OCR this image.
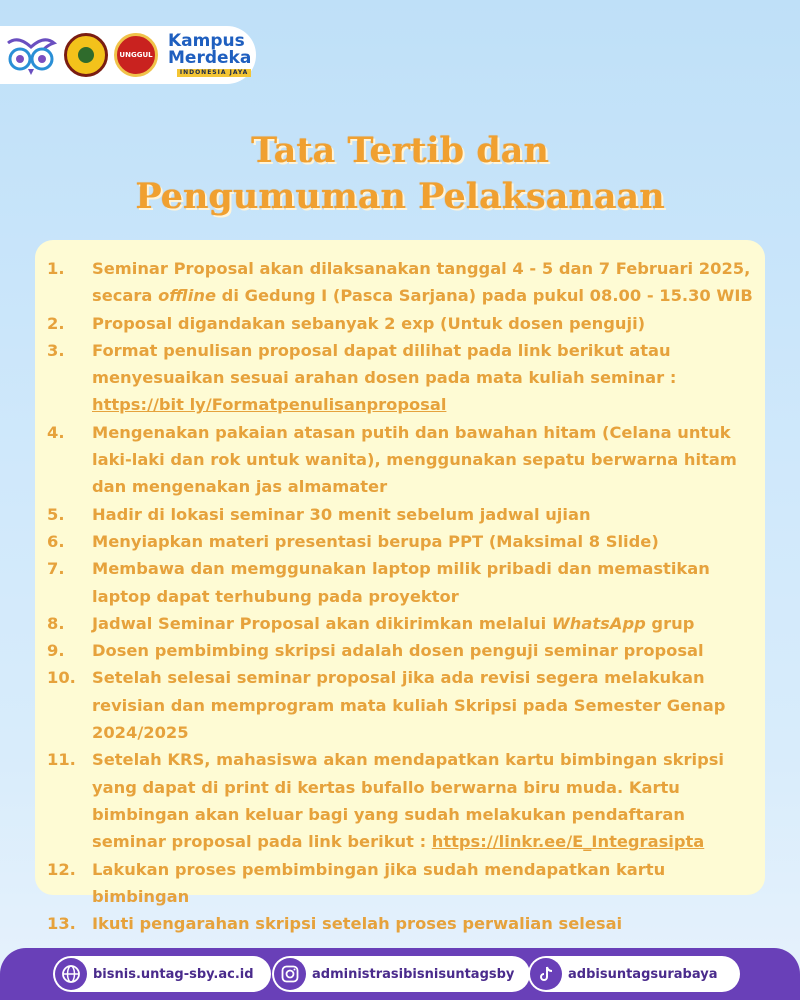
UNGGUL
Kampus
Merdeka
INDONESIA JAYA
Tata Tertib dan
Pengumuman Pelaksanaan
1.	Seminar Proposal akan dilaksanakan tanggal 4 - 5 dan 7 Februari 2025, secara offline di Gedung I (Pasca Sarjana) pada pukul 08.00 - 15.30 WIB
2.	Proposal digandakan sebanyak 2 exp (Untuk dosen penguji)
3.	Format penulisan proposal dapat dilihat pada link berikut atau menyesuaikan sesuai arahan dosen pada mata kuliah seminar : https://bit ly/Formatpenulisanproposal
4.	Mengenakan pakaian atasan putih dan bawahan hitam (Celana untuk laki-laki dan rok untuk wanita), menggunakan sepatu berwarna hitam dan mengenakan jas almamater
5.	Hadir di lokasi seminar 30 menit sebelum jadwal ujian
6.	Menyiapkan materi presentasi berupa PPT (Maksimal 8 Slide)
7.	Membawa dan memggunakan laptop milik pribadi dan memastikan laptop dapat terhubung pada proyektor
8.	Jadwal Seminar Proposal akan dikirimkan melalui WhatsApp grup
9.	Dosen pembimbing skripsi adalah dosen penguji seminar proposal
10. Setelah selesai seminar proposal jika ada revisi segera melakukan revisian dan memprogram mata kuliah Skripsi pada Semester Genap 2024/2025
11. Setelah KRS, mahasiswa akan mendapatkan kartu bimbingan skripsi yang dapat di print di kertas bufallo berwarna biru muda. Kartu bimbingan akan keluar bagi yang sudah melakukan pendaftaran seminar proposal pada link berikut : https://linkr.ee/E_Integrasipta
12. Lakukan proses pembimbingan jika sudah mendapatkan kartu bimbingan
13. Ikuti pengarahan skripsi setelah proses perwalian selesai
bisnis.untag-sby.ac.id	administrasibisnisuntagsby	adbisuntagsurabaya
